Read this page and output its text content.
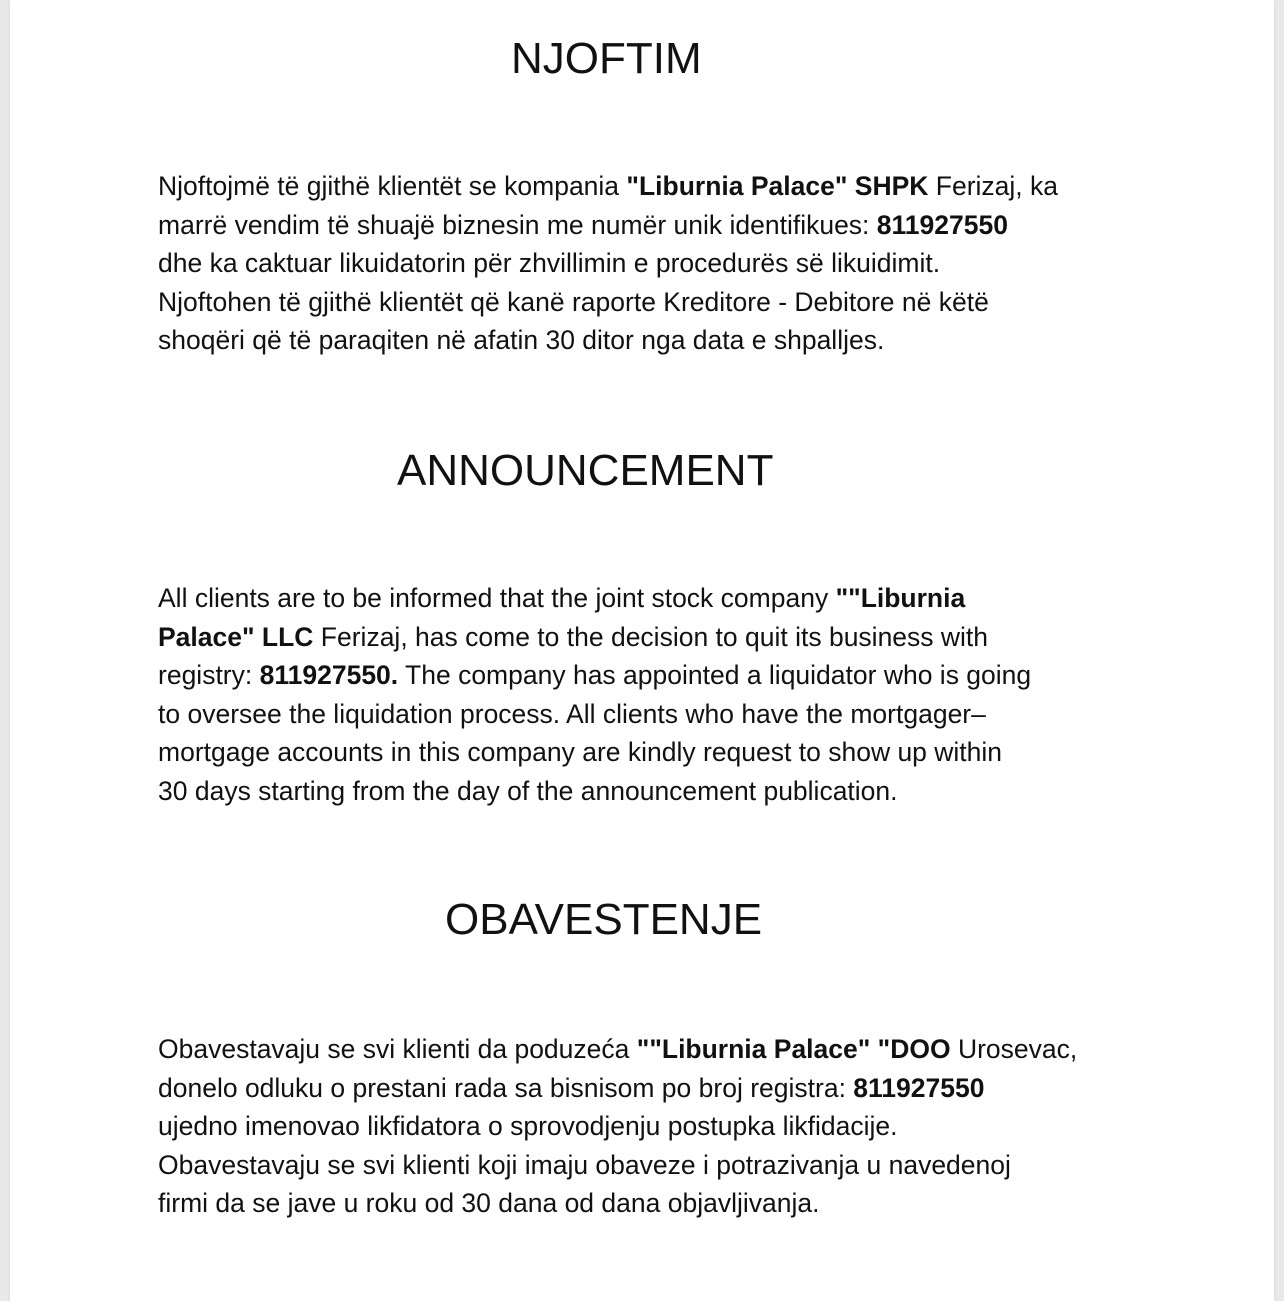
NJOFTIM
Njoftojmë të gjithë klientët se kompania "Liburnia Palace" SHPK Ferizaj, ka
marrë vendim të shuajë biznesin me numër unik identifikues: 811927550
dhe ka caktuar likuidatorin për zhvillimin e procedurës së likuidimit.
Njoftohen të gjithë klientët që kanë raporte Kreditore - Debitore në këtë
shoqëri që të paraqiten në afatin 30 ditor nga data e shpalljes.
ANNOUNCEMENT
All clients are to be informed that the joint stock company ""Liburnia
Palace" LLC Ferizaj, has come to the decision to quit its business with
registry: 811927550. The company has appointed a liquidator who is going
to oversee the liquidation process. All clients who have the mortgager–
mortgage accounts in this company are kindly request to show up within
30 days starting from the day of the announcement publication.
OBAVESTENJE
Obavestavaju se svi klienti da poduzeća ""Liburnia Palace" "DOO Urosevac,
donelo odluku o prestani rada sa bisnisom po broj registra: 811927550
ujedno imenovao likfidatora o sprovodjenju postupka likfidacije.
Obavestavaju se svi klienti koji imaju obaveze i potrazivanja u navedenoj
firmi da se jave u roku od 30 dana od dana objavljivanja.
